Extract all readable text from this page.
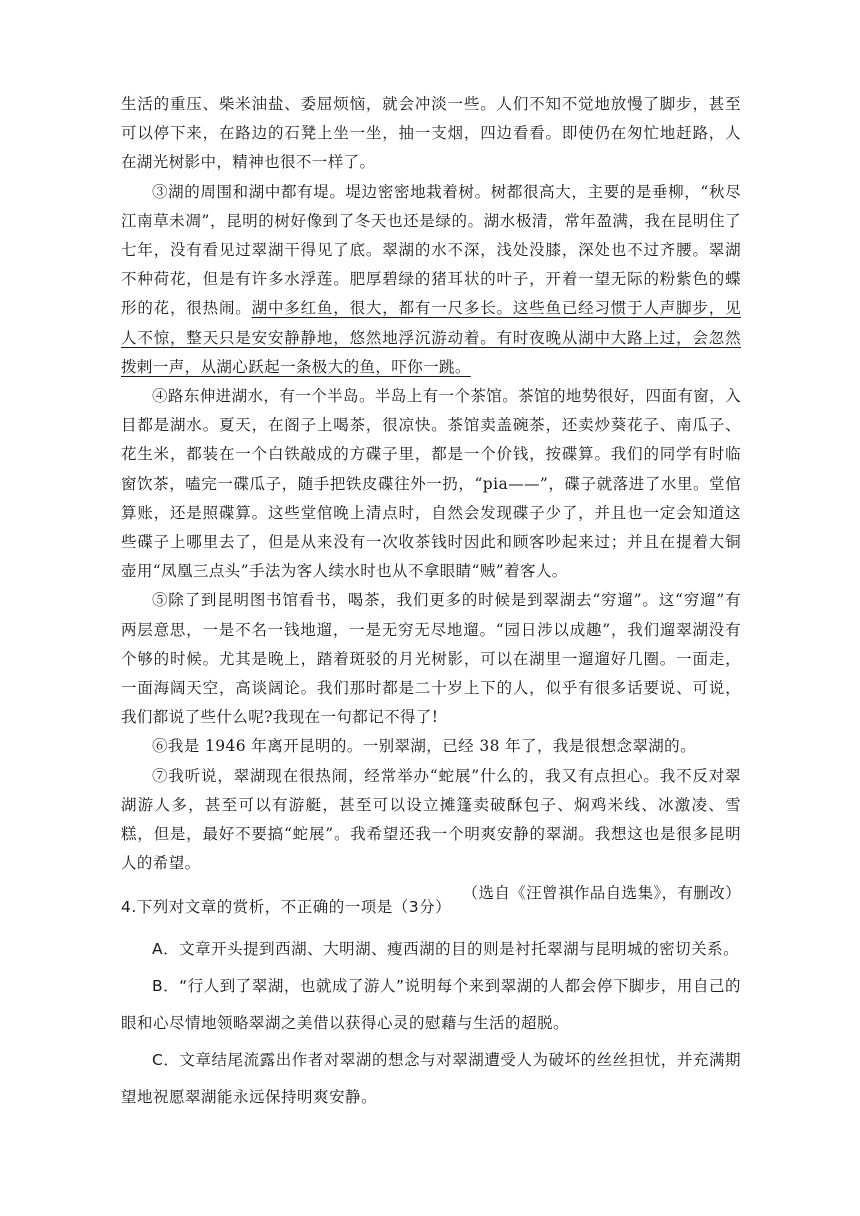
生活的重压、柴米油盐、委屈烦恼，就会冲淡一些。人们不知不觉地放慢了脚步，甚至可以停下来，在路边的石凳上坐一坐，抽一支烟，四边看看。即使仍在匆忙地赶路，人在湖光树影中，精神也很不一样了。

③湖的周围和湖中都有堤。堤边密密地栽着树。树都很高大，主要的是垂柳，“秋尽江南草未凋”，昆明的树好像到了冬天也还是绿的。湖水极清，常年盈满，我在昆明住了七年，没有看见过翠湖干得见了底。翠湖的水不深，浅处没膝，深处也不过齐腰。翠湖不种荷花，但是有许多水浮莲。肥厚碧绿的猪耳状的叶子，开着一望无际的粉紫色的蝶形的花，很热闹。湖中多红鱼，很大，都有一尺多长。这些鱼已经习惯于人声脚步，见人不惊，整天只是安安静静地，悠然地浮沉游动着。有时夜晚从湖中大路上过，会忽然拨剌一声，从湖心跃起一条极大的鱼，吓你一跳。

④路东伸进湖水，有一个半岛。半岛上有一个茶馆。茶馆的地势很好，四面有窗，入目都是湖水。夏天，在阁子上喝茶，很凉快。茶馆卖盖碗茶，还卖炒葵花子、南瓜子、花生米，都装在一个白铁敲成的方碟子里，都是一个价钱，按碟算。我们的同学有时临窗饮茶，嗑完一碟瓜子，随手把铁皮碟往外一扔，“pia——”，碟子就落进了水里。堂倌算账，还是照碟算。这些堂倌晚上清点时，自然会发现碟子少了，并且也一定会知道这些碟子上哪里去了，但是从来没有一次收茶钱时因此和顾客吵起来过；并且在提着大铜壶用“凤凰三点头”手法为客人续水时也从不拿眼睛“贼”着客人。

⑤除了到昆明图书馆看书，喝茶，我们更多的时候是到翠湖去“穷遛”。这“穷遛”有两层意思，一是不名一钱地遛，一是无穷无尽地遛。“园日涉以成趣”，我们遛翠湖没有个够的时候。尤其是晚上，踏着斑驳的月光树影，可以在湖里一遛遛好几圈。一面走，一面海阔天空，高谈阔论。我们那时都是二十岁上下的人，似乎有很多话要说、可说，我们都说了些什么呢?我现在一句都记不得了!

⑥我是 1946 年离开昆明的。一别翠湖，已经 38 年了，我是很想念翠湖的。

⑦我听说，翠湖现在很热闹，经常举办“蛇展”什么的，我又有点担心。我不反对翠湖游人多，甚至可以有游艇，甚至可以设立摊篷卖破酥包子、焖鸡米线、冰激凌、雪糕，但是，最好不要搞“蛇展”。我希望还我一个明爽安静的翠湖。我想这也是很多昆明人的希望。

（选自《汪曾祺作品自选集》，有删改）

4.下列对文章的赏析，不正确的一项是（3分）

A．文章开头提到西湖、大明湖、瘦西湖的目的则是衬托翠湖与昆明城的密切关系。

B．“行人到了翠湖，也就成了游人”说明每个来到翠湖的人都会停下脚步，用自己的眼和心尽情地领略翠湖之美借以获得心灵的慰藉与生活的超脱。

C．文章结尾流露出作者对翠湖的想念与对翠湖遭受人为破坏的丝丝担忧，并充满期望地祝愿翠湖能永远保持明爽安静。
